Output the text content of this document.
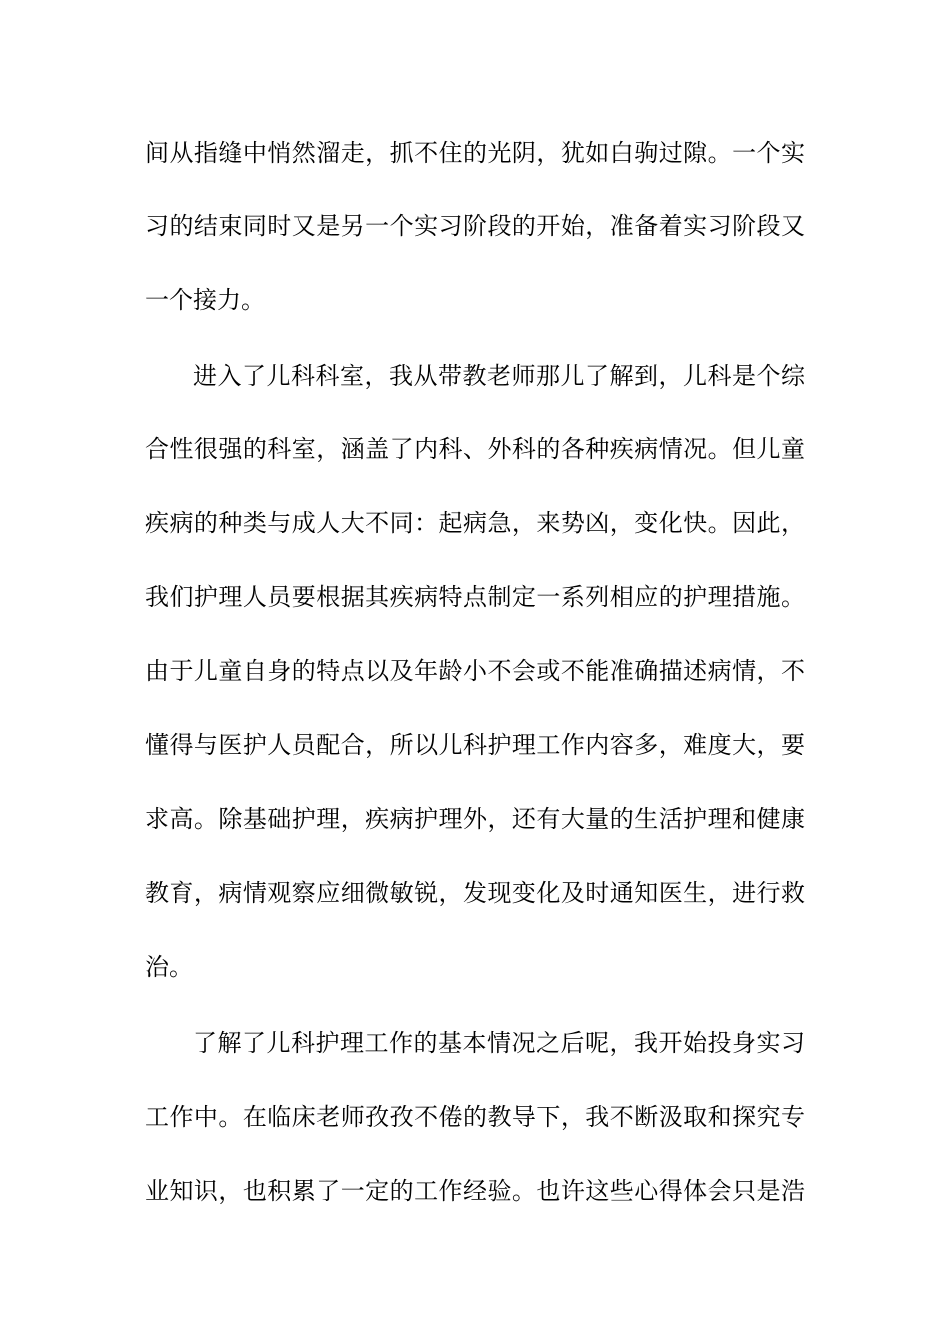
间从指缝中悄然溜走，抓不住的光阴，犹如白驹过隙。一个实
习的结束同时又是另一个实习阶段的开始，准备着实习阶段又
一个接力。
进入了儿科科室，我从带教老师那儿了解到，儿科是个综
合性很强的科室，涵盖了内科、外科的各种疾病情况。但儿童
疾病的种类与成人大不同：起病急，来势凶，变化快。因此，
我们护理人员要根据其疾病特点制定一系列相应的护理措施。
由于儿童自身的特点以及年龄小不会或不能准确描述病情，不
懂得与医护人员配合，所以儿科护理工作内容多，难度大，要
求高。除基础护理，疾病护理外，还有大量的生活护理和健康
教育，病情观察应细微敏锐，发现变化及时通知医生，进行救
治。
了解了儿科护理工作的基本情况之后呢，我开始投身实习
工作中。在临床老师孜孜不倦的教导下，我不断汲取和探究专
业知识，也积累了一定的工作经验。也许这些心得体会只是浩
